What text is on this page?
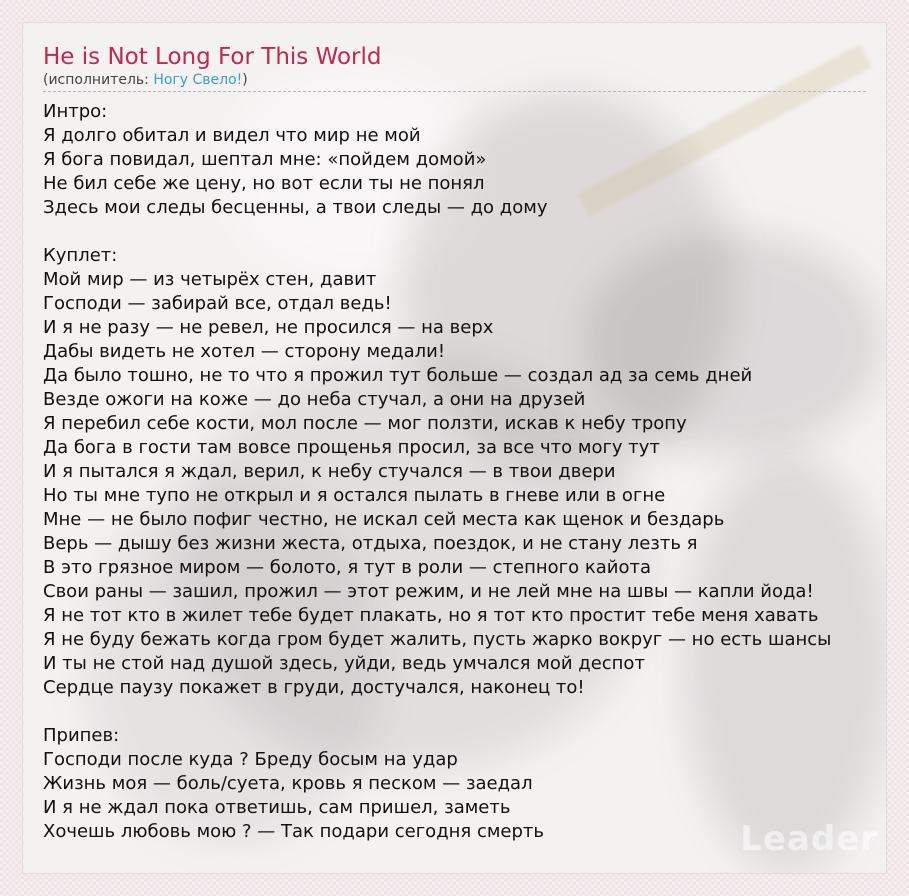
Leader
He is Not Long For This World
(исполнитель: Ногу Свело!)
Интро:
Я долго обитал и видел что мир не мой
Я бога повидал, шептал мне: «пойдем домой»
Не бил себе же цену, но вот если ты не понял
Здесь мои следы бесценны, а твои следы — до дому
Куплет:
Мой мир — из четырёх стен, давит
Господи — забирай все, отдал ведь!
И я не разу — не ревел, не просился — на верх
Дабы видеть не хотел — сторону медали!
Да было тошно, не то что я прожил тут больше — создал ад за семь дней
Везде ожоги на коже — до неба стучал, а они на друзей
Я перебил себе кости, мол после — мог ползти, искав к небу тропу
Да бога в гости там вовсе прощенья просил, за все что могу тут
И я пытался я ждал, верил, к небу стучался — в твои двери
Но ты мне тупо не открыл и я остался пылать в гневе или в огне
Мне — не было пофиг честно, не искал сей места как щенок и бездарь
Верь — дышу без жизни жеста, отдыха, поездок, и не стану лезть я
В это грязное миром — болото, я тут в роли — степного кайота
Свои раны — зашил, прожил — этот режим, и не лей мне на швы — капли йода!
Я не тот кто в жилет тебе будет плакать, но я тот кто простит тебе меня хавать
Я не буду бежать когда гром будет жалить, пусть жарко вокруг — но есть шансы
И ты не стой над душой здесь, уйди, ведь умчался мой деспот
Сердце паузу покажет в груди, достучался, наконец то!
Припев:
Господи после куда ? Бреду босым на удар
Жизнь моя — боль/суета, кровь я песком — заедал
И я не ждал пока ответишь, сам пришел, заметь
Хочешь любовь мою ? — Так подари сегодня смерть
